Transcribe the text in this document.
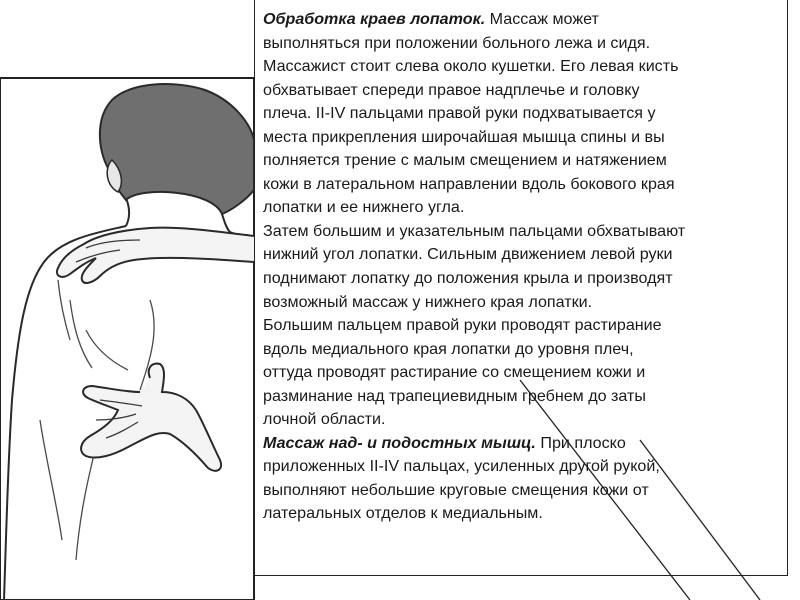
Обработка краев лопаток. Массаж может
выполняться при положении больного лежа и сидя.
Массажист стоит слева около кушетки. Его левая кисть
обхватывает спереди правое надплечье и головку
плеча. II-IV пальцами правой руки подхватывается у
места прикрепления широчайшая мышца спины и вы
полняется трение с малым смещением и натяжением
кожи в латеральном направлении вдоль бокового края
лопатки и ее нижнего угла.
Затем большим и указательным пальцами обхватывают
нижний угол лопатки. Сильным движением левой руки
поднимают лопатку до положения крыла и производят
возможный массаж у нижнего края лопатки.
Большим пальцем правой руки проводят растирание
вдоль медиального края лопатки до уровня плеч,
оттуда проводят растирание со смещением кожи и
разминание над трапециевидным гребнем до заты
лочной области.
Массаж над- и подостных мышц. При плоско
приложенных II-IV пальцах, усиленных другой рукой,
выполняют небольшие круговые смещения кожи от
латеральных отделов к медиальным.
